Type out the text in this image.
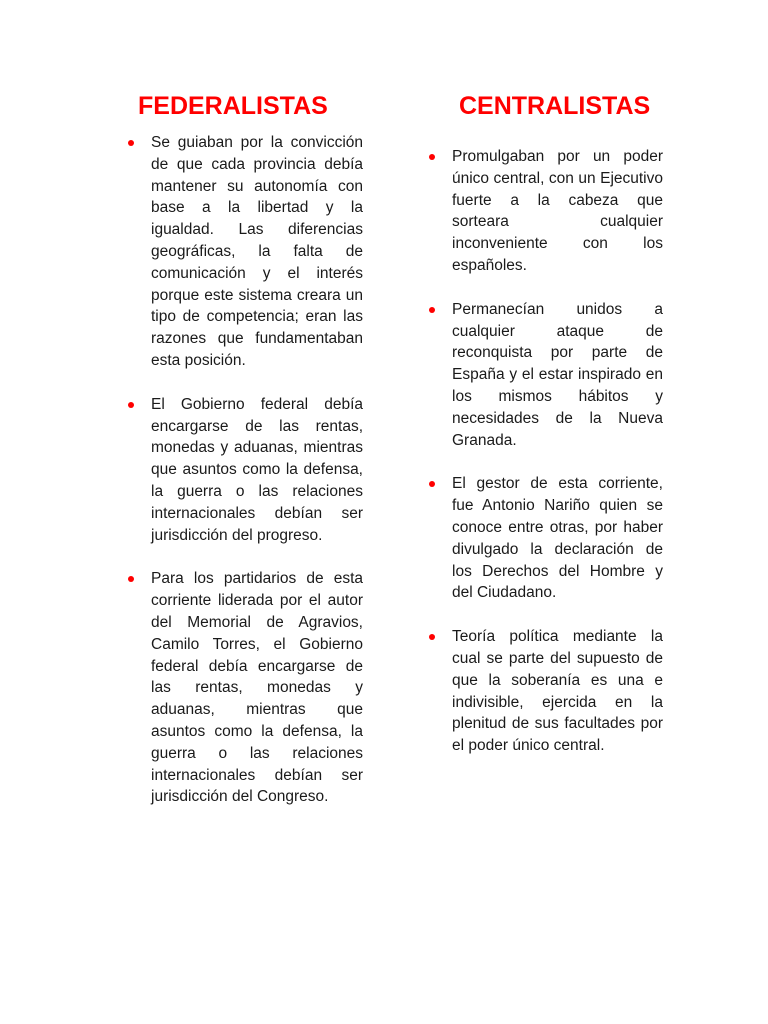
FEDERALISTAS
Se guiaban por la convicción de que cada provincia debía mantener su autonomía con base a la libertad y la igualdad. Las diferencias geográficas, la falta de comunicación y el interés porque este sistema creara un tipo de competencia; eran las razones que fundamentaban esta posición.
El Gobierno federal debía encargarse de las rentas, monedas y aduanas, mientras que asuntos como la defensa, la guerra o las relaciones internacionales debían ser jurisdicción del progreso.
Para los partidarios de esta corriente liderada por el autor del Memorial de Agravios, Camilo Torres, el Gobierno federal debía encargarse de las rentas, monedas y aduanas, mientras que asuntos como la defensa, la guerra o las relaciones internacionales debían ser jurisdicción del Congreso.
CENTRALISTAS
Promulgaban por un poder único central, con un Ejecutivo fuerte a la cabeza que sorteara cualquier inconveniente con los españoles.
Permanecían unidos a cualquier ataque de reconquista por parte de España y el estar inspirado en los mismos hábitos y necesidades de la Nueva Granada.
El gestor de esta corriente, fue Antonio Nariño quien se conoce entre otras, por haber divulgado la declaración de los Derechos del Hombre y del Ciudadano.
Teoría política mediante la cual se parte del supuesto de que la soberanía es una e indivisible, ejercida en la plenitud de sus facultades por el poder único central.
